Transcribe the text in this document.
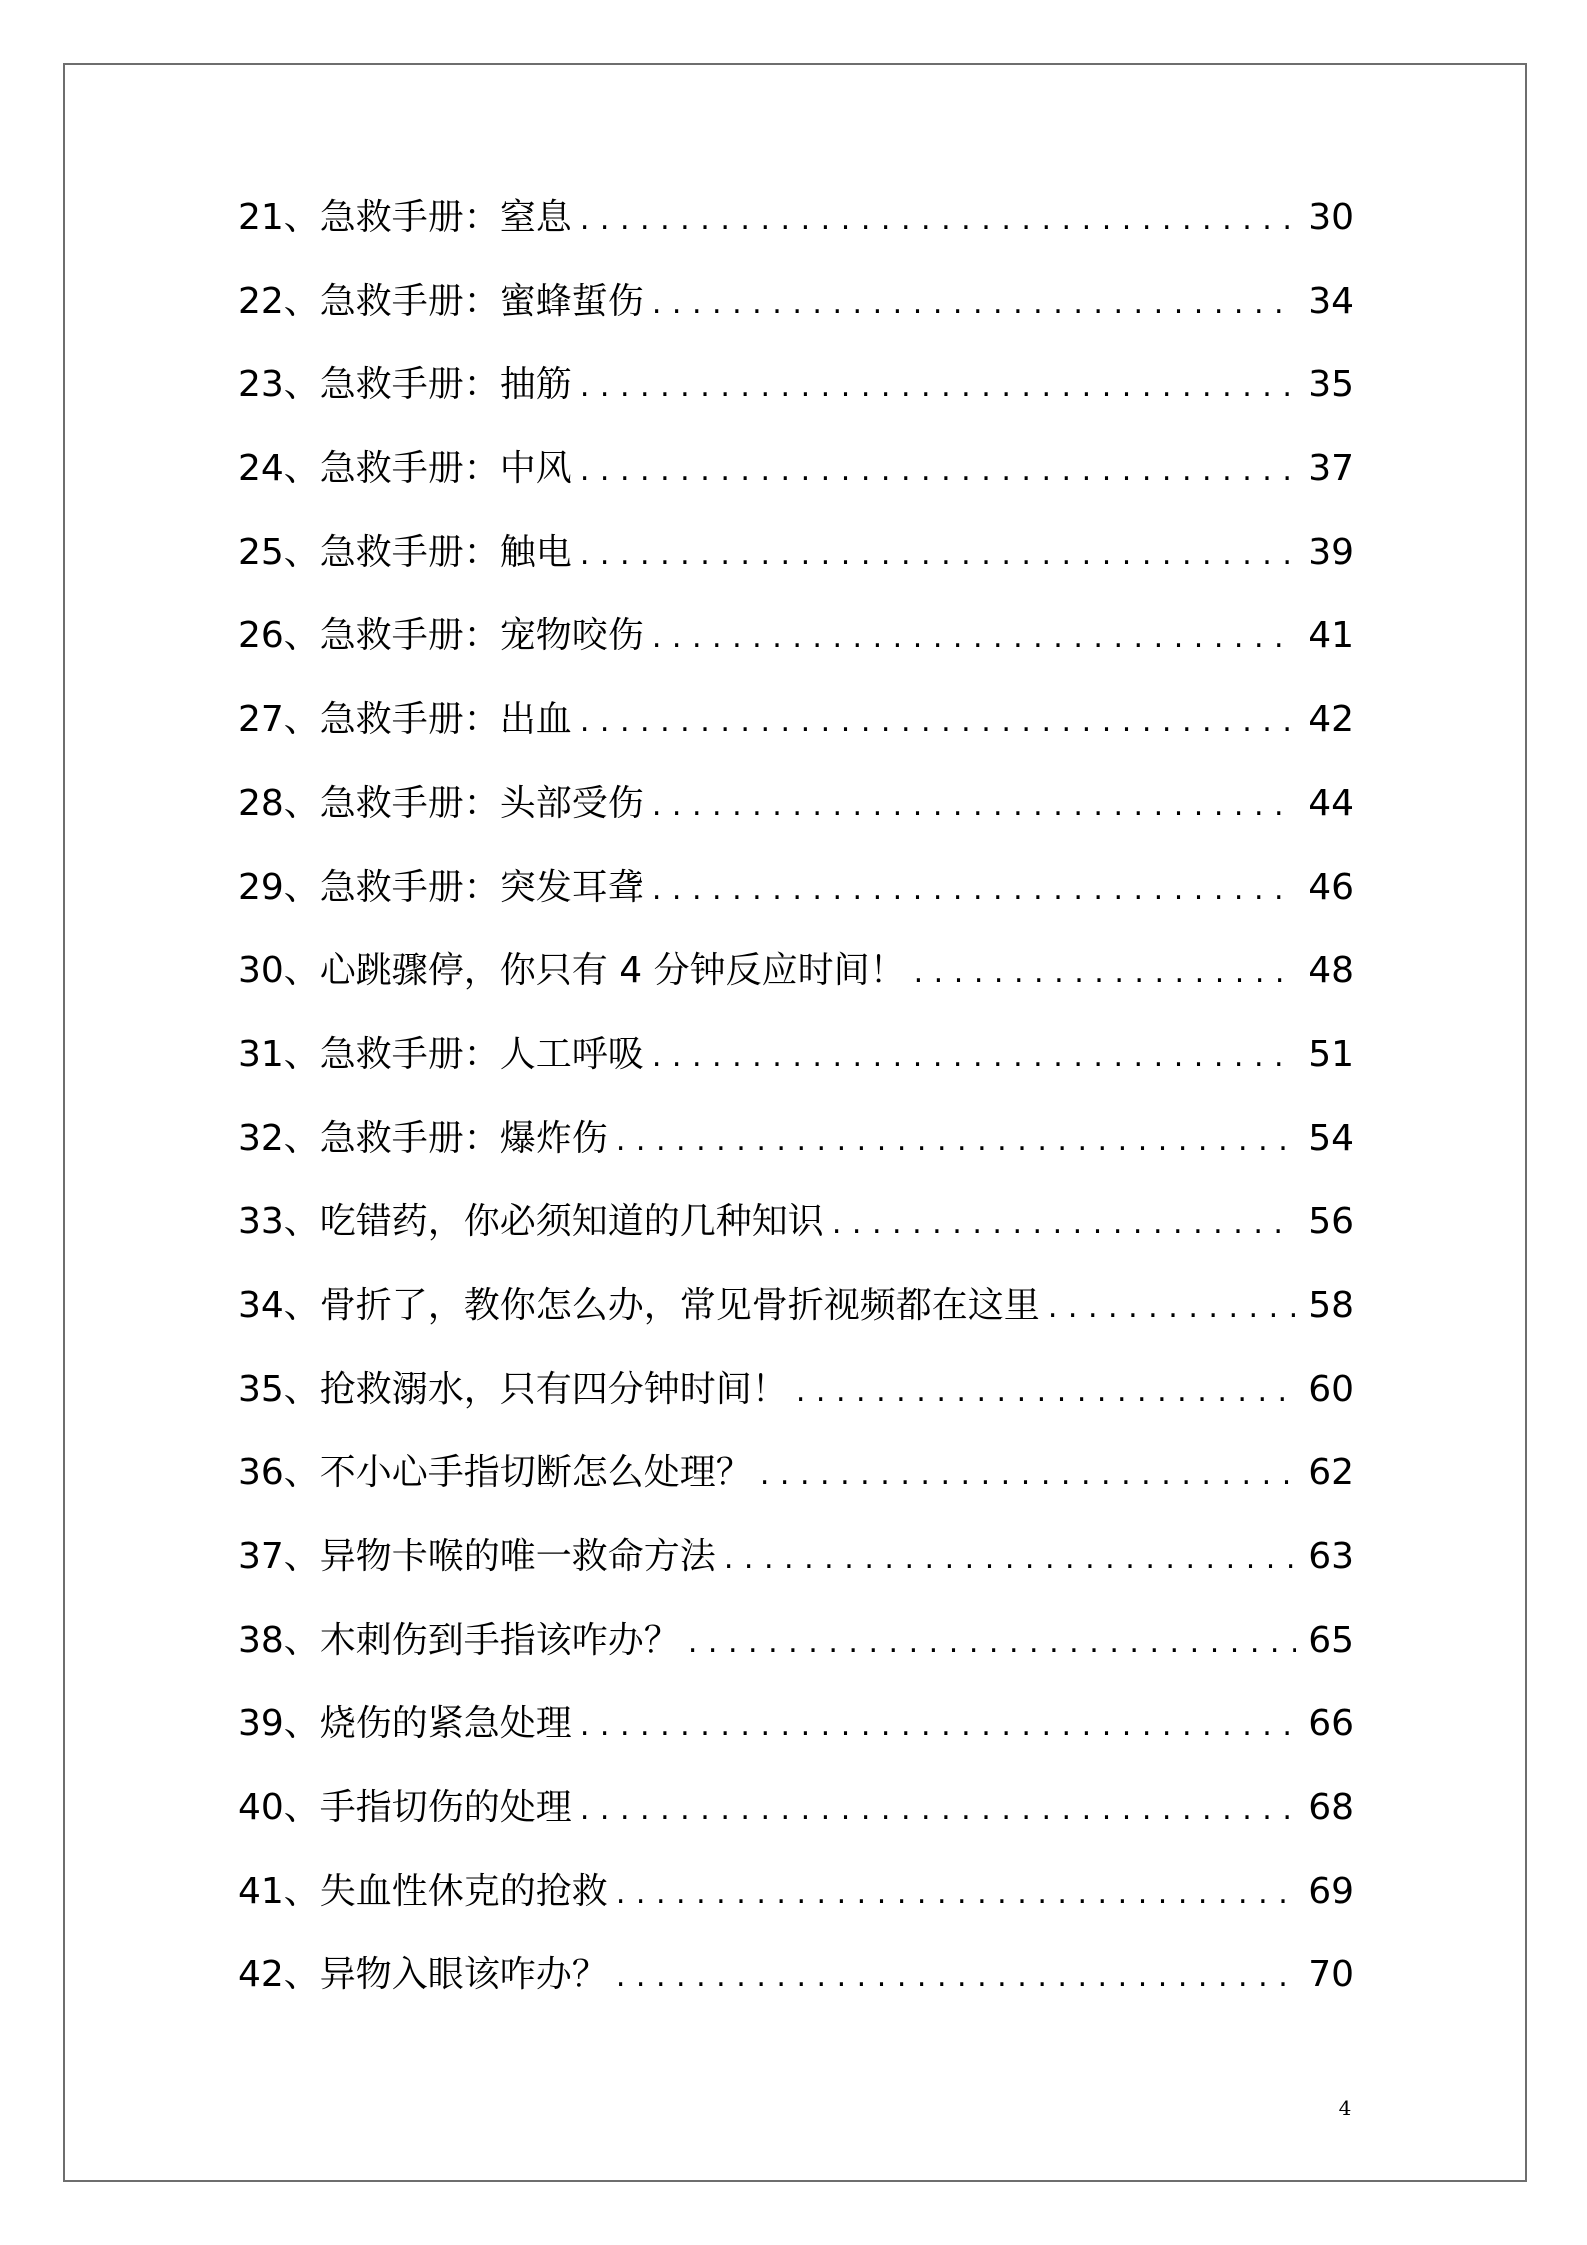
21、急救手册：窒息 . . .	30
22、急救手册：蜜蜂蜇伤 . . .	34
23、急救手册：抽筋 . . .	35
24、急救手册：中风 . . .	37
25、急救手册：触电 . . .	39
26、急救手册：宠物咬伤 . . .	41
27、急救手册：出血 . . .	42
28、急救手册：头部受伤 . . .	44
29、急救手册：突发耳聋 . . .	46
30、心跳骤停，你只有 4 分钟反应时间！ . . .	48
31、急救手册：人工呼吸 . . .	51
32、急救手册：爆炸伤 . . .	54
33、吃错药，你必须知道的几种知识 . . .	56
34、骨折了，教你怎么办，常见骨折视频都在这里 . . .	58
35、抢救溺水，只有四分钟时间！ . . .	60
36、不小心手指切断怎么处理？ . . .	62
37、异物卡喉的唯一救命方法 . . .	63
38、木刺伤到手指该咋办？ . . .	65
39、烧伤的紧急处理 . . .	66
40、手指切伤的处理 . . .	68
41、失血性休克的抢救 . . .	69
42、异物入眼该咋办？ . . .	70
4
